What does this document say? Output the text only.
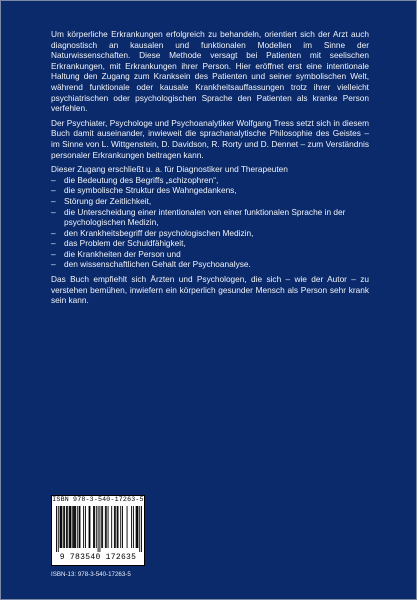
Um körperliche Erkrankungen erfolgreich zu behandeln, orientiert sich der Arzt auch diagnostisch an kausalen und funktionalen Modellen im Sinne der Naturwissenschaften. Diese Methode versagt bei Patienten mit seelischen Erkrankungen, mit Erkrankungen ihrer Person. Hier eröffnet erst eine intentionale Haltung den Zugang zum Kranksein des Patienten und seiner symbolischen Welt, während funktionale oder kausale Krankheitsauffassungen trotz ihrer vielleicht psychiatrischen oder psychologischen Sprache den Patienten als kranke Person verfehlen.

Der Psychiater, Psychologe und Psychoanalytiker Wolfgang Tress setzt sich in diesem Buch damit auseinander, inwieweit die sprachanalytische Philosophie des Geistes – im Sinne von L. Wittgenstein, D. Davidson, R. Rorty und D. Dennet – zum Verständnis personaler Erkrankungen beitragen kann.

Dieser Zugang erschließt u. a. für Diagnostiker und Therapeuten

– die Bedeutung des Begriffs „schizophren“,
– die symbolische Struktur des Wahngedankens,
– Störung der Zeitlichkeit,
– die Unterscheidung einer intentionalen von einer funktionalen Sprache in der psychologischen Medizin,
– den Krankheitsbegriff der psychologischen Medizin,
– das Problem der Schuldfähigkeit,
– die Krankheiten der Person und
– den wissenschaftlichen Gehalt der Psychoanalyse.

Das Buch empfiehlt sich Ärzten und Psychologen, die sich – wie der Autor – zu verstehen bemühen, inwiefern ein körperlich gesunder Mensch als Person sehr krank sein kann.

ISBN 978-3-540-17263-5
9 783540 172635
ISBN-13: 978-3-540-17263-5
